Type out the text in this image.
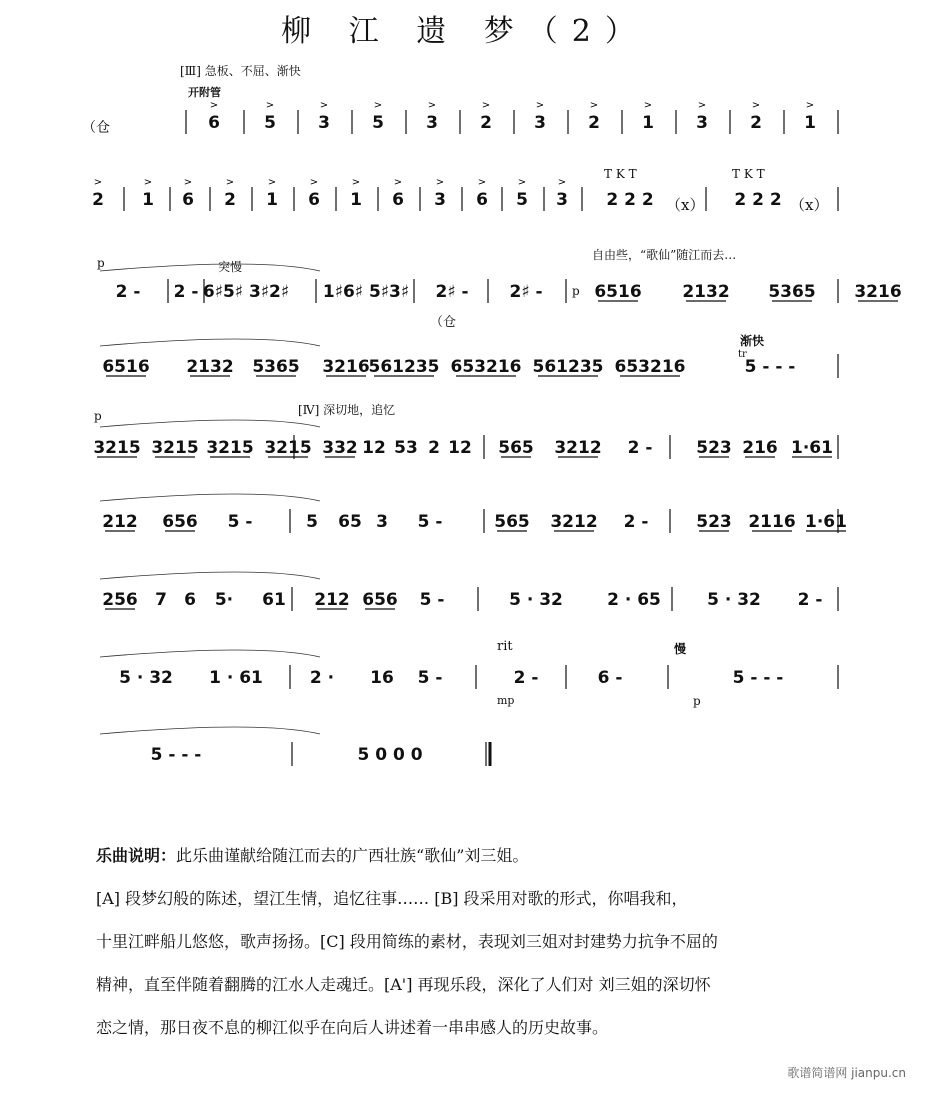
柳 江 遗 梦（2）
6
>
5
>
3
>
5
>
3
>
2
>
3
>
2
>
1
>
3
>
2
>
1
>
2
>
1
>
6
>
2
>
1
>
6
>
1
>
6
>
3
>
6
>
5
>
3
>
2 2 2	2 2 2
2 - 2 - 6♯5♯ 3♯2♯ 1♯6♯ 5♯3♯ 2♯ - 2♯ -	6516 2132 5365 3216
6516 2132 5365 3216
561235 653216 561235 653216	5 - - -
3215 3215 3215 3215 332 12 53 2 12 565 3212 2 -	523 216 1·61
212 656 5 -	5 65 3 5 -	565 3212 2 -	523 2116 1·61
256 7 6 5· 61 212 656 5 -	5 · 32	2 · 65	5 · 32 2 -
5 · 32 1 · 61	2 · 16 5 -	2 -	6 -	5 - - -
5 - - -	5 0 0 0
[Ⅲ] 急板、不屈、渐快
开附管
（仓
突慢
自由些，“歌仙”随江而去…
（仓
渐快
tr
[Ⅳ] 深切地，追忆
rit
mp
慢
p
p
p
p
T K T	T K T
（x）	（x）

乐曲说明：此乐曲谨献给随江而去的广西壮族“歌仙”刘三姐。

[A] 段梦幻般的陈述，望江生情，追忆往事…… [B] 段采用对歌的形式，你唱我和，

十里江畔船儿悠悠，歌声扬扬。[C] 段用简练的素材，表现刘三姐对封建势力抗争不屈的

精神，直至伴随着翻腾的江水人走魂迁。[A'] 再现乐段，深化了人们对 刘三姐的深切怀

恋之情，那日夜不息的柳江似乎在向后人讲述着一串串感人的历史故事。

歌谱简谱网 jianpu.cn
